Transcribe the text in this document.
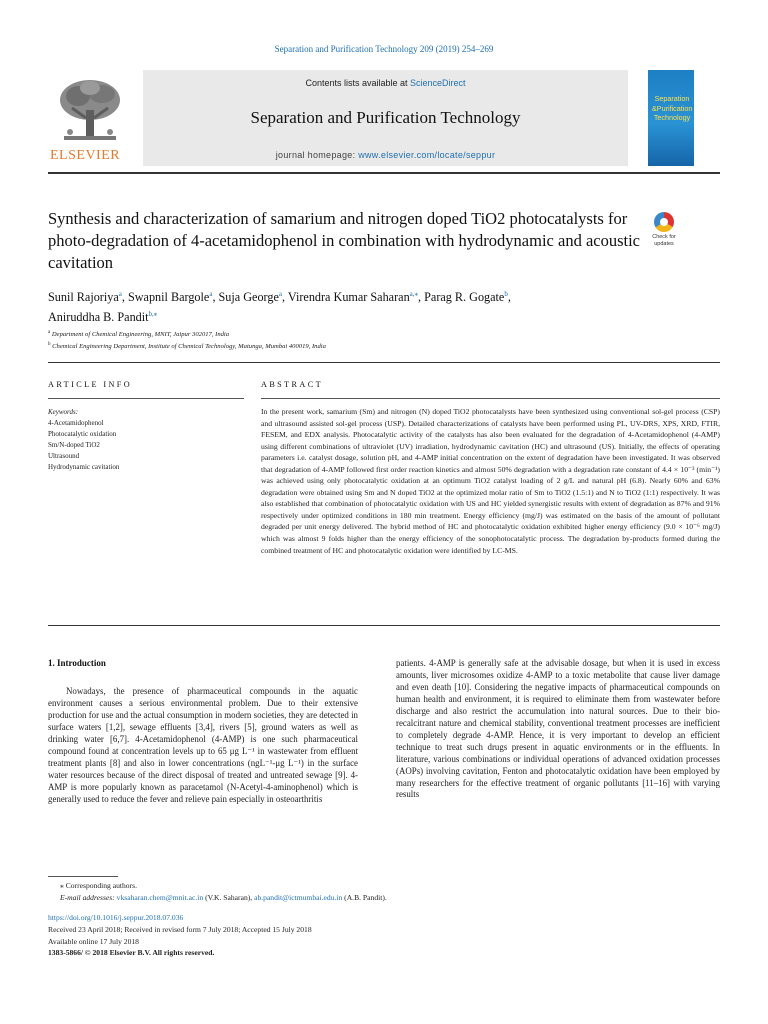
Separation and Purification Technology 209 (2019) 254–269
ELSEVIER
Contents lists available at ScienceDirect
Separation and Purification Technology
journal homepage: www.elsevier.com/locate/seppur
Separation
&Purification
Technology
Synthesis and characterization of samarium and nitrogen doped TiO2 photocatalysts for photo-degradation of 4-acetamidophenol in combination with hydrodynamic and acoustic cavitation
Check for updates
Sunil Rajoriya$^a$, Swapnil Bargole$^a$, Suja George$^a$, Virendra Kumar Saharan$^{a,⁎}$, Parag R. Gogate$^b$,
Aniruddha B. Pandit$^{b,⁎}$
$^a$ Department of Chemical Engineering, MNIT, Jaipur 302017, India
$^b$ Chemical Engineering Department, Institute of Chemical Technology, Matunga, Mumbai 400019, India
ARTICLE INFO	ABSTRACT
Keywords:
4-Acetamidophenol
Photocatalytic oxidation
Sm/N-doped TiO2
Ultrasound
Hydrodynamic cavitation

In the present work, samarium (Sm) and nitrogen (N) doped TiO2 photocatalysts have been synthesized using conventional sol-gel process (CSP) and ultrasound assisted sol-gel process (USP). Detailed characterizations of catalysts have been performed using PL, UV-DRS, XPS, XRD, FTIR, FESEM, and EDX analysis. Photocatalytic activity of the catalysts has also been evaluated for the degradation of 4-Acetamidophenol (4-AMP) using different combinations of ultraviolet (UV) irradiation, hydrodynamic cavitation (HC) and ultrasound (US). Initially, the effects of operating parameters i.e. catalyst dosage, solution pH, and 4-AMP initial concentration on the extent of degradation have been investigated. It was observed that degradation of 4-AMP followed first order reaction kinetics and almost 50% degradation with a degradation rate constant of 4.4 × 10⁻³ (min⁻¹) was achieved using only photocatalytic oxidation at an optimum TiO2 catalyst loading of 2 g/L and natural pH (6.8). Nearly 60% and 63% degradation were obtained using Sm and N doped TiO2 at the optimized molar ratio of Sm to TiO2 (1.5:1) and N to TiO2 (1:1) respectively. It was also established that combination of photocatalytic oxidation with US and HC yielded synergistic results with extent of degradation as 87% and 91% respectively under optimized conditions in 180 min treatment. Energy efficiency (mg/J) was estimated on the basis of the amount of pollutant degraded per unit energy delivered. The hybrid method of HC and photocatalytic oxidation exhibited higher energy efficiency (9.0 × 10⁻⁶ mg/J) which was almost 9 folds higher than the energy efficiency of the sonophotocatalytic process. The degradation by-products formed during the combined treatment of HC and photocatalytic oxidation were identified by LC-MS.

1. Introduction

Nowadays, the presence of pharmaceutical compounds in the aquatic environment causes a serious environmental problem. Due to their extensive production for use and the actual consumption in modern societies, they are detected in surface waters [1,2], sewage effluents [3,4], rivers [5], ground waters as well as drinking water [6,7]. 4-Acetamidophenol (4-AMP) is one such pharmaceutical compound found at concentration levels up to 65 μg L⁻¹ in wastewater from effluent treatment plants [8] and also in lower concentrations (ngL⁻¹-μg L⁻¹) in the surface water resources because of the direct disposal of treated and untreated sewage [9]. 4-AMP is more popularly known as paracetamol (N-Acetyl-4-aminophenol) which is generally used to reduce the fever and relieve pain especially in osteoarthritis

patients. 4-AMP is generally safe at the advisable dosage, but when it is used in excess amounts, liver microsomes oxidize 4-AMP to a toxic metabolite that cause liver damage and even death [10]. Considering the negative impacts of pharmaceutical compounds on human health and environment, it is required to eliminate them from wastewater before discharge and also restrict the accumulation into natural sources. Due to their bio-recalcitrant nature and chemical stability, conventional treatment processes are inefficient to completely degrade 4-AMP. Hence, it is very important to develop an efficient technique to treat such drugs present in aquatic environments or in the effluents. In literature, various combinations or individual operations of advanced oxidation processes (AOPs) involving cavitation, Fenton and photocatalytic oxidation have been employed by many researchers for the effective treatment of organic pollutants [11–16] with varying results

⁎ Corresponding authors.
E-mail addresses: vksaharan.chem@mnit.ac.in (V.K. Saharan), ab.pandit@ictmumbai.edu.in (A.B. Pandit).
https://doi.org/10.1016/j.seppur.2018.07.036
Received 23 April 2018; Received in revised form 7 July 2018; Accepted 15 July 2018
Available online 17 July 2018
1383-5866/ © 2018 Elsevier B.V. All rights reserved.
